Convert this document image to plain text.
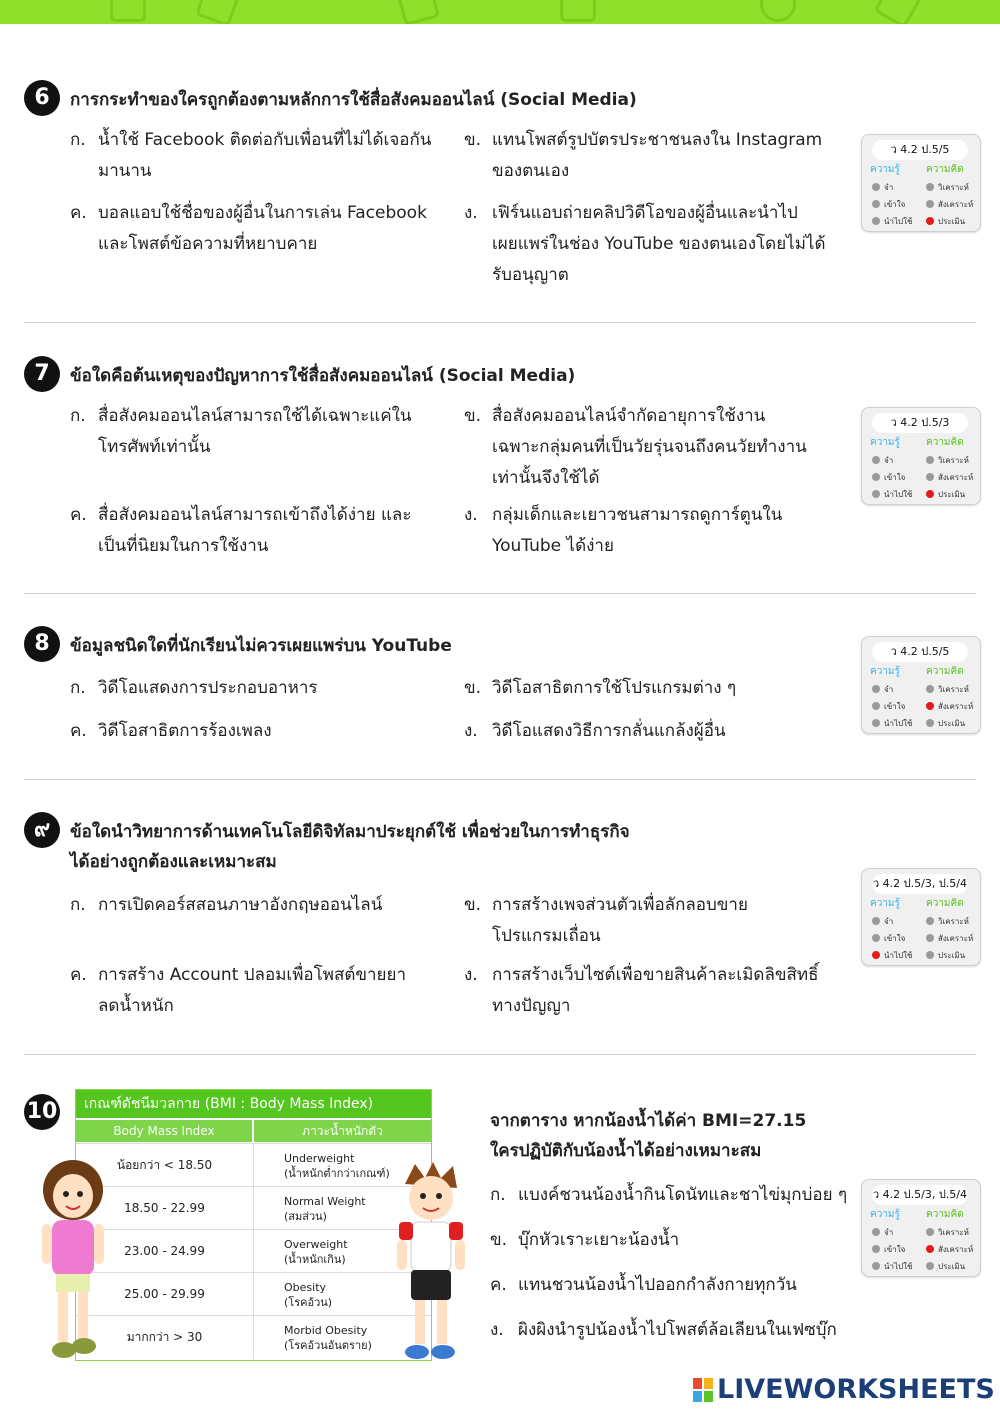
6	การกระทำของใครถูกต้องตามหลักการใช้สื่อสังคมออนไลน์ (Social Media)
ก. น้ำใช้ Facebook ติดต่อกับเพื่อนที่ไม่ได้เจอกัน
มานาน
ข. แทนโพสต์รูปบัตรประชาชนลงใน Instagram
ของตนเอง
ค. บอลแอบใช้ชื่อของผู้อื่นในการเล่น Facebook
และโพสต์ข้อความที่หยาบคาย
ง. เฟิร์นแอบถ่ายคลิปวิดีโอของผู้อื่นและนำไป
เผยแพร่ในช่อง YouTube ของตนเองโดยไม่ได้
รับอนุญาต
ว 4.2 ป.5/5
ความรู้	ความคิด
จำ
เข้าใจ
นำไปใช้
วิเคราะห์
สังเคราะห์
ประเมิน
7	ข้อใดคือต้นเหตุของปัญหาการใช้สื่อสังคมออนไลน์ (Social Media)
ก. สื่อสังคมออนไลน์สามารถใช้ได้เฉพาะแค่ใน
โทรศัพท์เท่านั้น
ข. สื่อสังคมออนไลน์จำกัดอายุการใช้งาน
เฉพาะกลุ่มคนที่เป็นวัยรุ่นจนถึงคนวัยทำงาน
เท่านั้นจึงใช้ได้
ค. สื่อสังคมออนไลน์สามารถเข้าถึงได้ง่าย และ
เป็นที่นิยมในการใช้งาน
ง. กลุ่มเด็กและเยาวชนสามารถดูการ์ตูนใน
YouTube ได้ง่าย
ว 4.2 ป.5/3
ความรู้	ความคิด
จำ
เข้าใจ
นำไปใช้
วิเคราะห์
สังเคราะห์
ประเมิน
8	ข้อมูลชนิดใดที่นักเรียนไม่ควรเผยแพร่บน YouTube
ก. วิดีโอแสดงการประกอบอาหาร	ข. วิดีโอสาธิตการใช้โปรแกรมต่าง ๆ
ค. วิดีโอสาธิตการร้องเพลง	ง. วิดีโอแสดงวิธีการกลั่นแกล้งผู้อื่น
ว 4.2 ป.5/5
ความรู้	ความคิด
จำ
เข้าใจ
นำไปใช้
วิเคราะห์
สังเคราะห์
ประเมิน
๙	ข้อใดนำวิทยาการด้านเทคโนโลยีดิจิทัลมาประยุกต์ใช้ เพื่อช่วยในการทำธุรกิจ
ได้อย่างถูกต้องและเหมาะสม
ก. การเปิดคอร์สสอนภาษาอังกฤษออนไลน์	ข. การสร้างเพจส่วนตัวเพื่อลักลอบขาย
โปรแกรมเถื่อน
ค. การสร้าง Account ปลอมเพื่อโพสต์ขายยา
ลดน้ำหนัก
ง. การสร้างเว็บไซต์เพื่อขายสินค้าละเมิดลิขสิทธิ์
ทางปัญญา
ว 4.2 ป.5/3, ป.5/4
ความรู้	ความคิด
จำ
เข้าใจ
นำไปใช้
วิเคราะห์
สังเคราะห์
ประเมิน
10	เกณฑ์ดัชนีมวลกาย (BMI : Body Mass Index)
Body Mass Index	ภาวะน้ำหนักตัว
น้อยกว่า < 18.50	Underweight
(น้ำหนักต่ำกว่าเกณฑ์)
18.50 - 22.99	Normal Weight
(สมส่วน)
23.00 - 24.99	Overweight
(น้ำหนักเกิน)
25.00 - 29.99	Obesity
(โรคอ้วน)
มากกว่า > 30	Morbid Obesity
(โรคอ้วนอันตราย)
จากตาราง หากน้องน้ำได้ค่า BMI=27.15
ใครปฏิบัติกับน้องน้ำได้อย่างเหมาะสม
ก. แบงค์ชวนน้องน้ำกินโดนัทและชาไข่มุกบ่อย ๆ
ข. บุ๊กหัวเราะเยาะน้องน้ำ
ค. แทนชวนน้องน้ำไปออกกำลังกายทุกวัน
ง. ผิงผิงนำรูปน้องน้ำไปโพสต์ล้อเลียนในเฟซบุ๊ก
ว 4.2 ป.5/3, ป.5/4
ความรู้	ความคิด
จำ
เข้าใจ
นำไปใช้
วิเคราะห์
สังเคราะห์
ประเมิน
LIVEWORKSHEETS
